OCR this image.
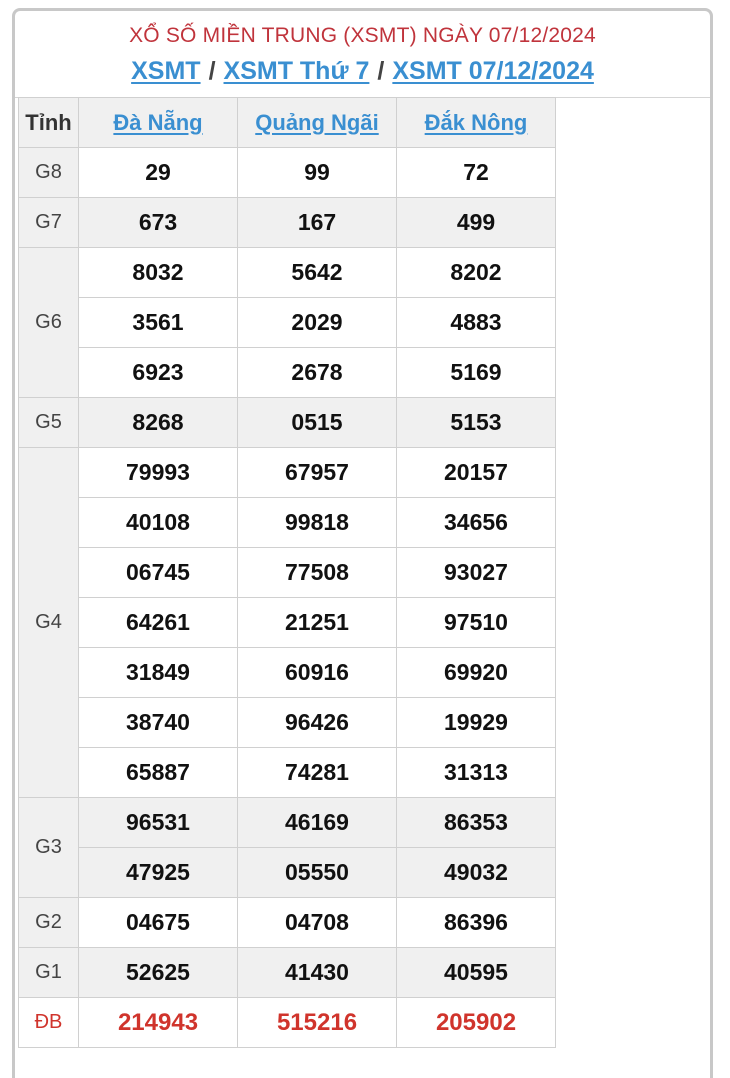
XỔ SỐ MIỀN TRUNG (XSMT) NGÀY 07/12/2024
XSMT / XSMT Thứ 7 / XSMT 07/12/2024
Tỉnh	Đà Nẵng	Quảng Ngãi	Đắk Nông
G8	29	99	72
G7	673	167	499
G6	8032	5642	8202
	3561	2029	4883
	6923	2678	5169
G5	8268	0515	5153
G4	79993	67957	20157
	40108	99818	34656
	06745	77508	93027
	64261	21251	97510
	31849	60916	69920
	38740	96426	19929
	65887	74281	31313
G3	96531	46169	86353
	47925	05550	49032
G2	04675	04708	86396
G1	52625	41430	40595
ĐB	214943	515216	205902
